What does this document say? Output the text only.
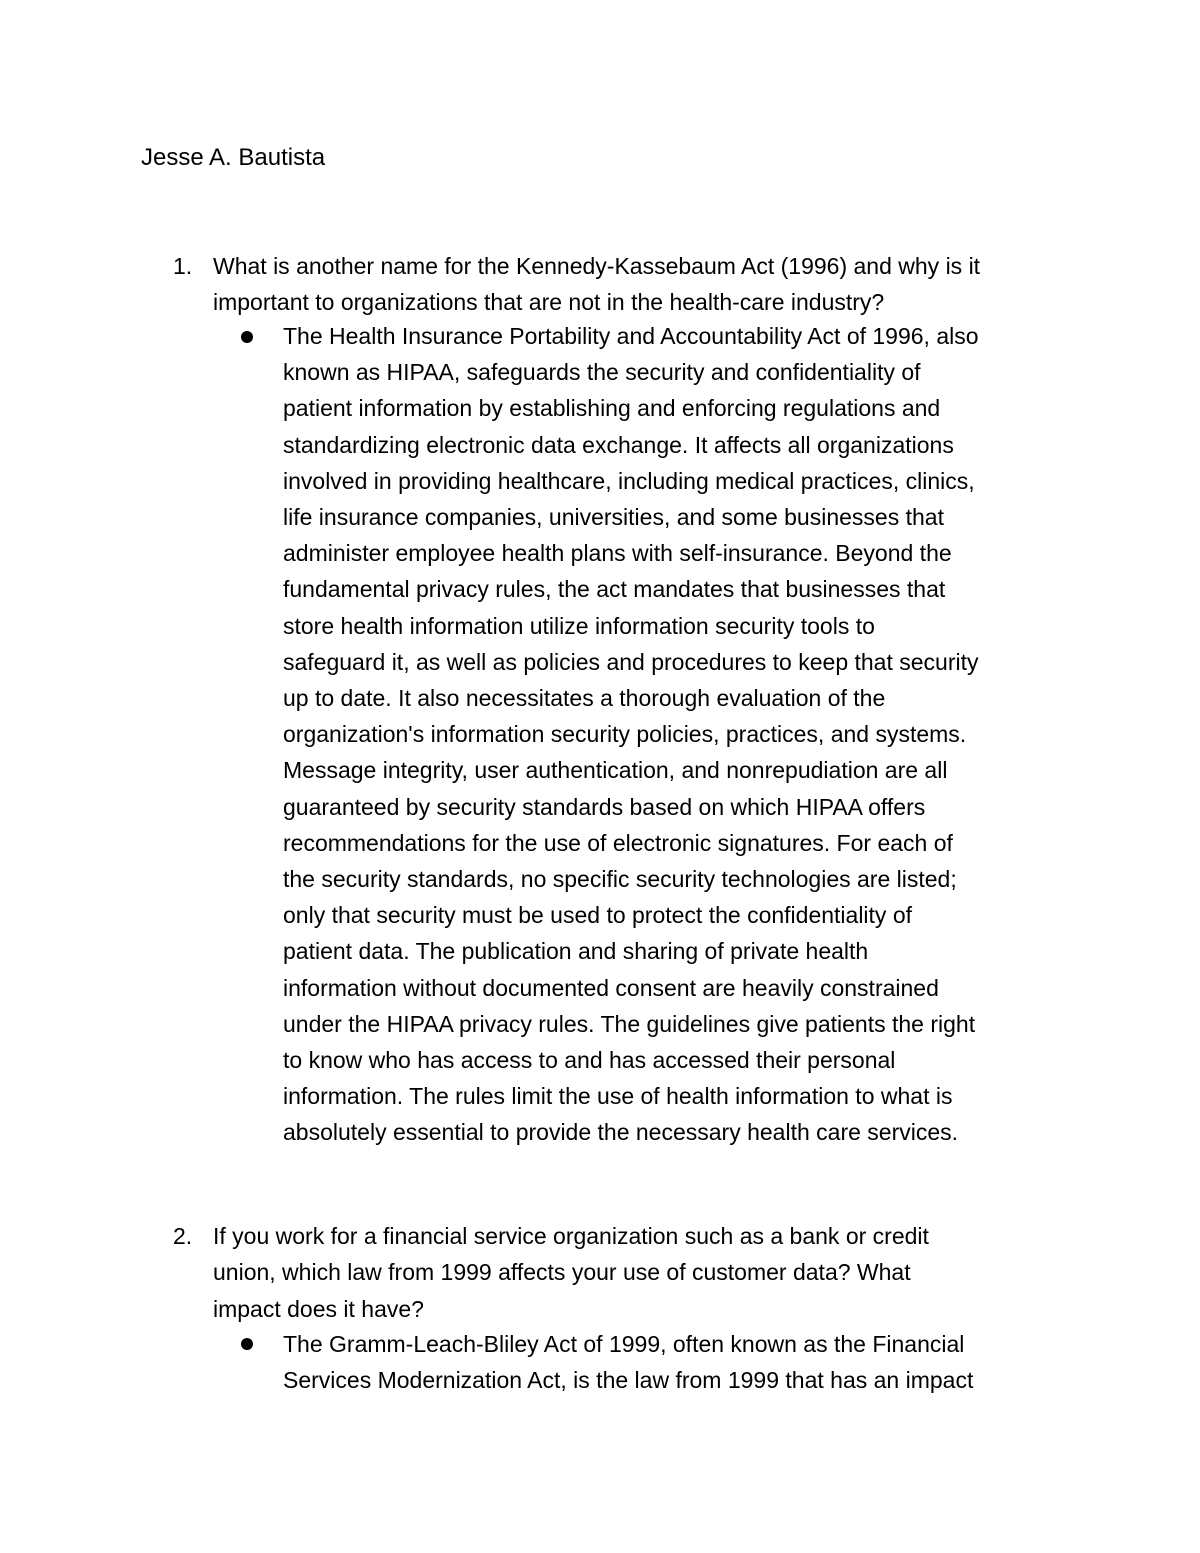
Jesse A. Bautista
1. What is another name for the Kennedy-Kassebaum Act (1996) and why is it
important to organizations that are not in the health-care industry?
The Health Insurance Portability and Accountability Act of 1996, also
known as HIPAA, safeguards the security and confidentiality of
patient information by establishing and enforcing regulations and
standardizing electronic data exchange. It affects all organizations
involved in providing healthcare, including medical practices, clinics,
life insurance companies, universities, and some businesses that
administer employee health plans with self-insurance. Beyond the
fundamental privacy rules, the act mandates that businesses that
store health information utilize information security tools to
safeguard it, as well as policies and procedures to keep that security
up to date. It also necessitates a thorough evaluation of the
organization's information security policies, practices, and systems.
Message integrity, user authentication, and nonrepudiation are all
guaranteed by security standards based on which HIPAA offers
recommendations for the use of electronic signatures. For each of
the security standards, no specific security technologies are listed;
only that security must be used to protect the confidentiality of
patient data. The publication and sharing of private health
information without documented consent are heavily constrained
under the HIPAA privacy rules. The guidelines give patients the right
to know who has access to and has accessed their personal
information. The rules limit the use of health information to what is
absolutely essential to provide the necessary health care services.
2. If you work for a financial service organization such as a bank or credit
union, which law from 1999 affects your use of customer data? What
impact does it have?
The Gramm-Leach-Bliley Act of 1999, often known as the Financial
Services Modernization Act, is the law from 1999 that has an impact
